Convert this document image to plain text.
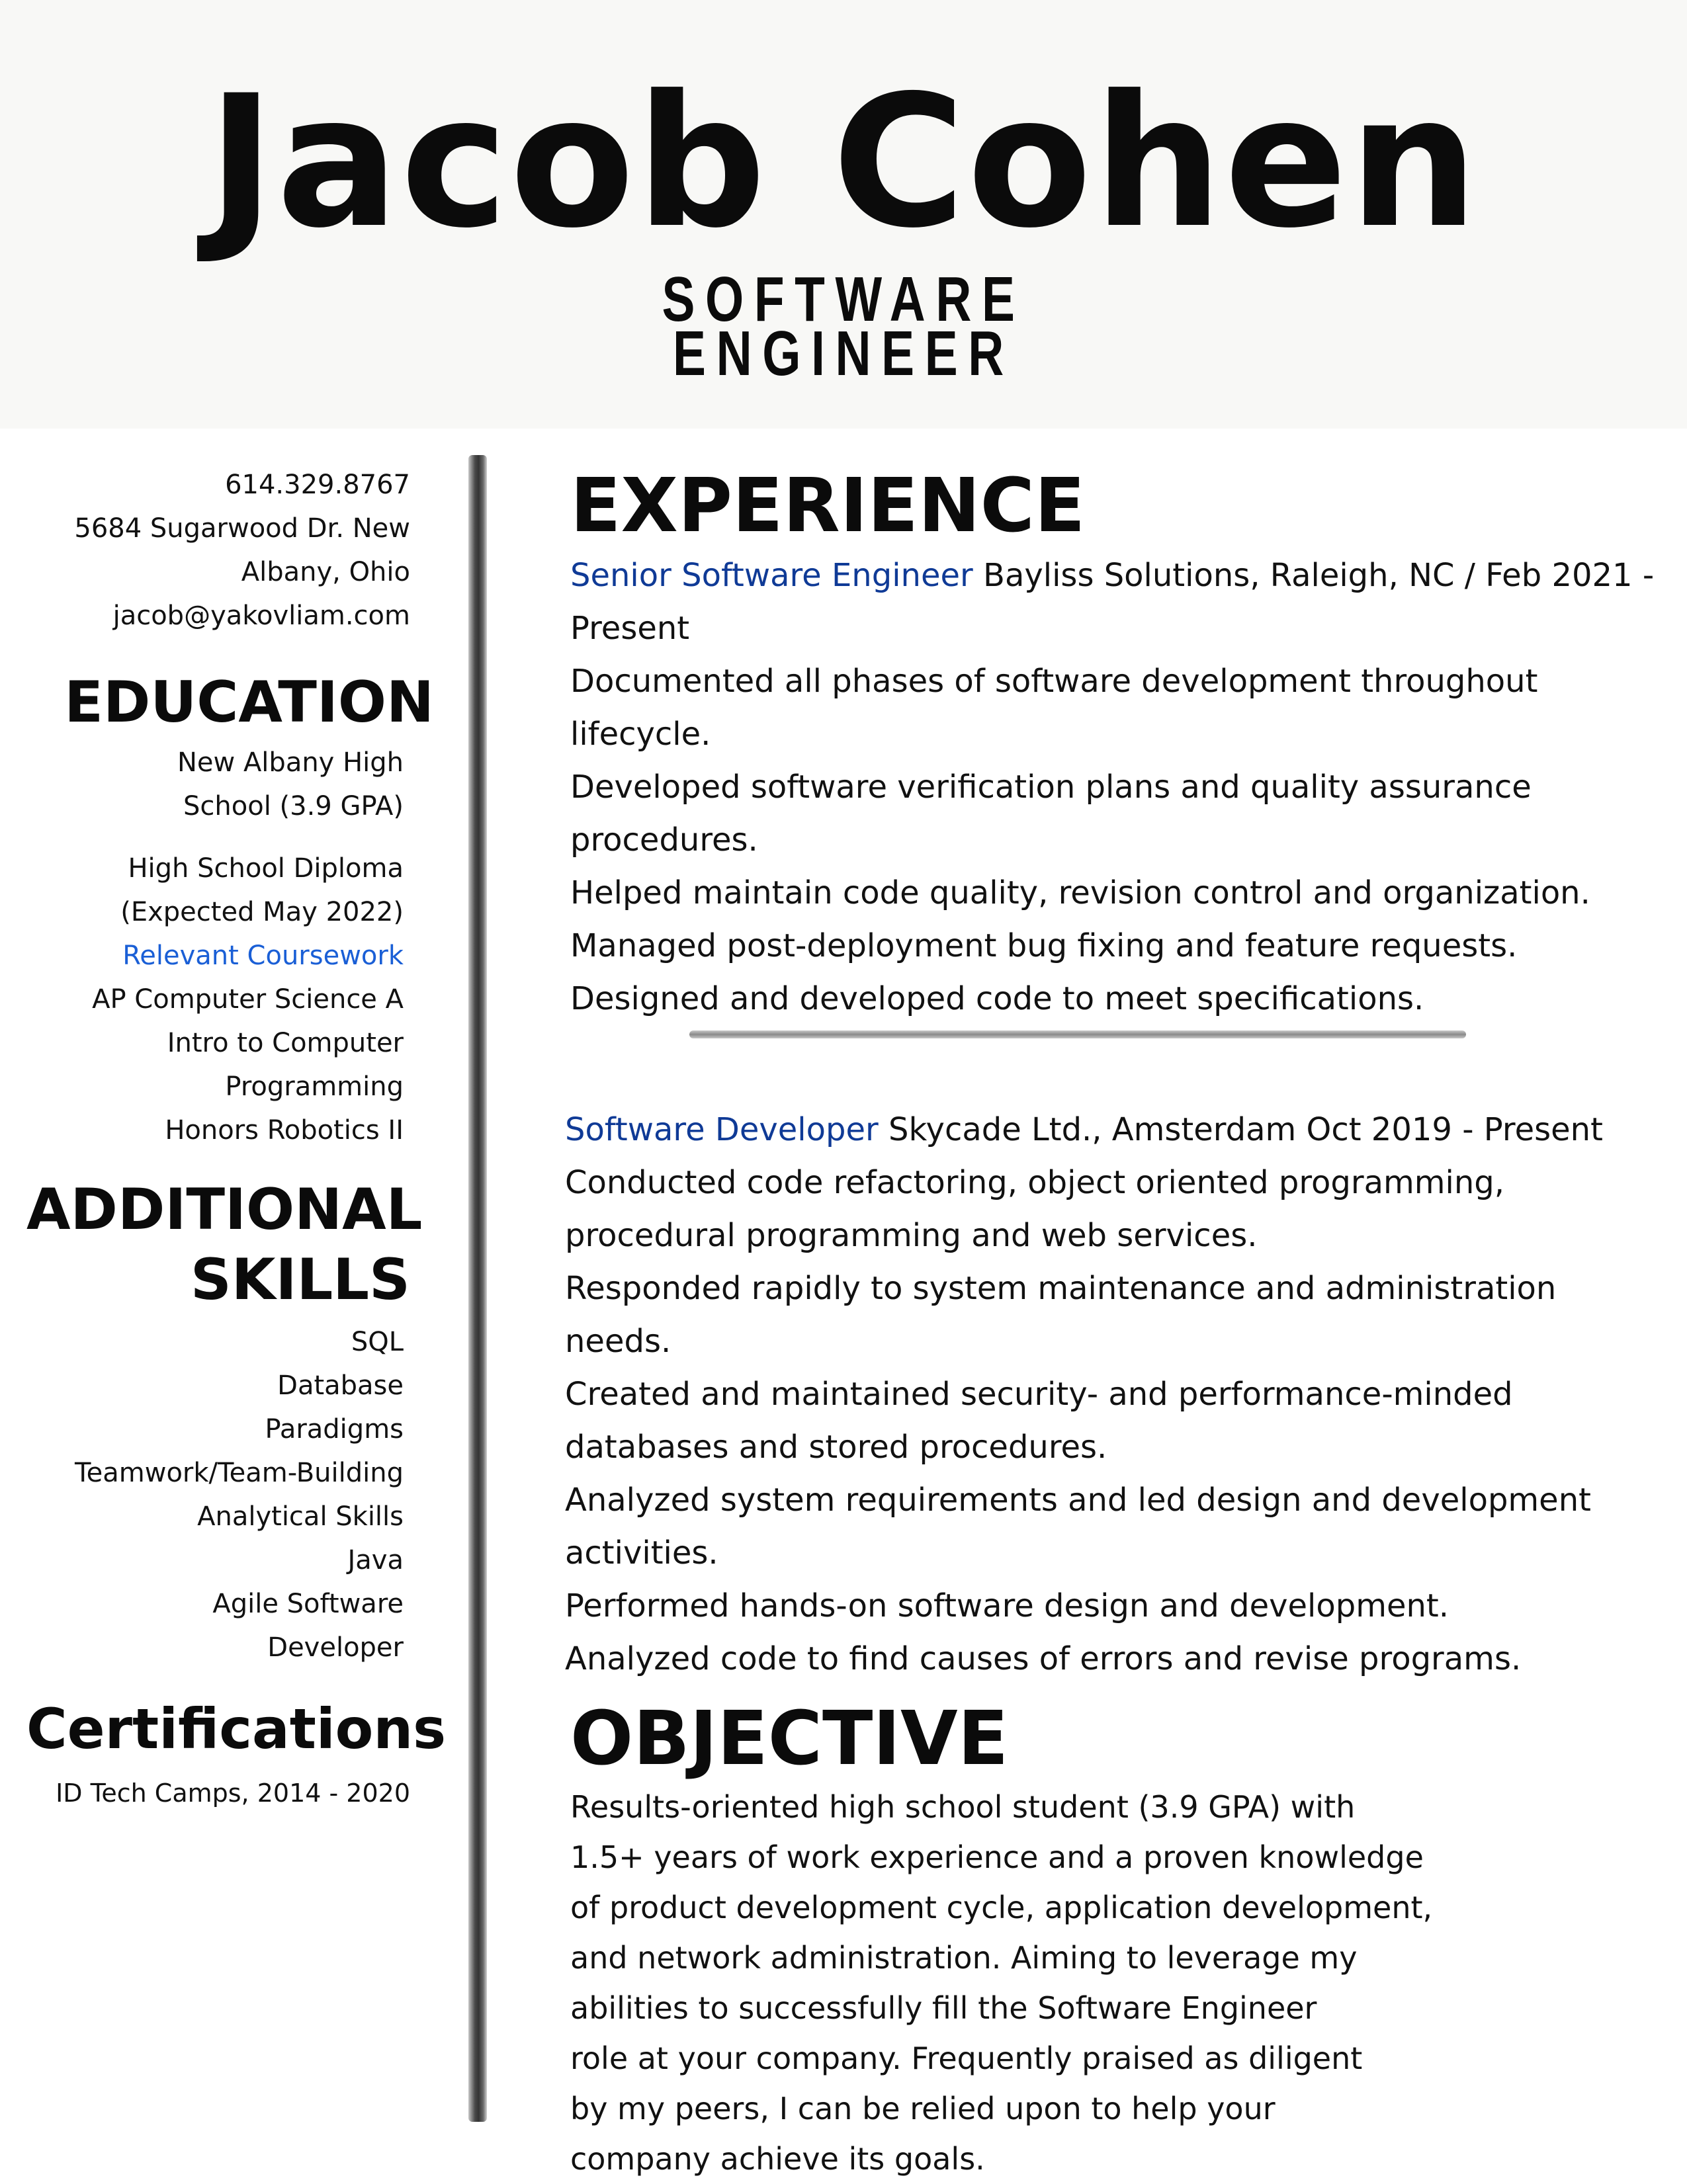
Jacob Cohen
SOFTWARE
ENGINEER

614.329.8767

5684 Sugarwood Dr. New

Albany, Ohio

jacob@yakovliam.com

EDUCATION

New Albany High

School (3.9 GPA)

High School Diploma

(Expected May 2022)

Relevant Coursework

AP Computer Science A

Intro to Computer

Programming

Honors Robotics II

ADDITIONAL
SKILLS

SQL

Database

Paradigms

Teamwork/Team-Building

Analytical Skills

Java

Agile Software

Developer

Certifications

ID Tech Camps, 2014 - 2020

EXPERIENCE

Senior Software Engineer Bayliss Solutions, Raleigh, NC / Feb 2021 -

Present

Documented all phases of software development throughout

lifecycle.

Developed software verification plans and quality assurance

procedures.

Helped maintain code quality, revision control and organization.

Managed post-deployment bug fixing and feature requests.

Designed and developed code to meet specifications.

Software Developer Skycade Ltd., Amsterdam Oct 2019 - Present

Conducted code refactoring, object oriented programming,

procedural programming and web services.

Responded rapidly to system maintenance and administration

needs.

Created and maintained security- and performance-minded

databases and stored procedures.

Analyzed system requirements and led design and development

activities.

Performed hands-on software design and development.

Analyzed code to find causes of errors and revise programs.

OBJECTIVE

Results-oriented high school student (3.9 GPA) with

1.5+ years of work experience and a proven knowledge

of product development cycle, application development,

and network administration. Aiming to leverage my

abilities to successfully fill the Software Engineer

role at your company. Frequently praised as diligent

by my peers, I can be relied upon to help your

company achieve its goals.
